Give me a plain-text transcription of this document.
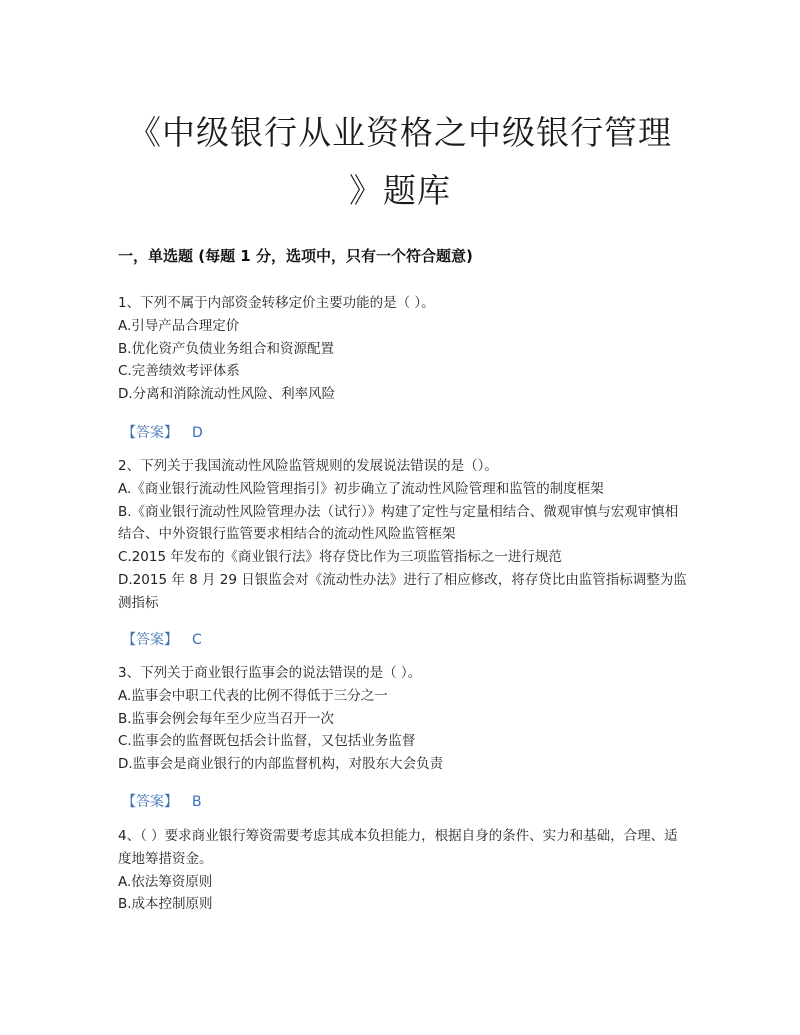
《中级银行从业资格之中级银行管理
》题库
一，单选题 (每题 1 分，选项中，只有一个符合题意)
1、下列不属于内部资金转移定价主要功能的是（ ）。
A.引导产品合理定价
B.优化资产负债业务组合和资源配置
C.完善绩效考评体系
D.分离和消除流动性风险、利率风险
【答案】 D
2、下列关于我国流动性风险监管规则的发展说法错误的是（）。
A.《商业银行流动性风险管理指引》初步确立了流动性风险管理和监管的制度框架
B.《商业银行流动性风险管理办法（试行）》构建了定性与定量相结合、微观审慎与宏观审慎相结合、中外资银行监管要求相结合的流动性风险监管框架
C.2015 年发布的《商业银行法》将存贷比作为三项监管指标之一进行规范
D.2015 年 8 月 29 日银监会对《流动性办法》进行了相应修改，将存贷比由监管指标调整为监测指标
【答案】 C
3、下列关于商业银行监事会的说法错误的是（ ）。
A.监事会中职工代表的比例不得低于三分之一
B.监事会例会每年至少应当召开一次
C.监事会的监督既包括会计监督，又包括业务监督
D.监事会是商业银行的内部监督机构，对股东大会负责
【答案】 B
4、（ ）要求商业银行筹资需要考虑其成本负担能力，根据自身的条件、实力和基础，合理、适度地筹措资金。
A.依法筹资原则
B.成本控制原则
